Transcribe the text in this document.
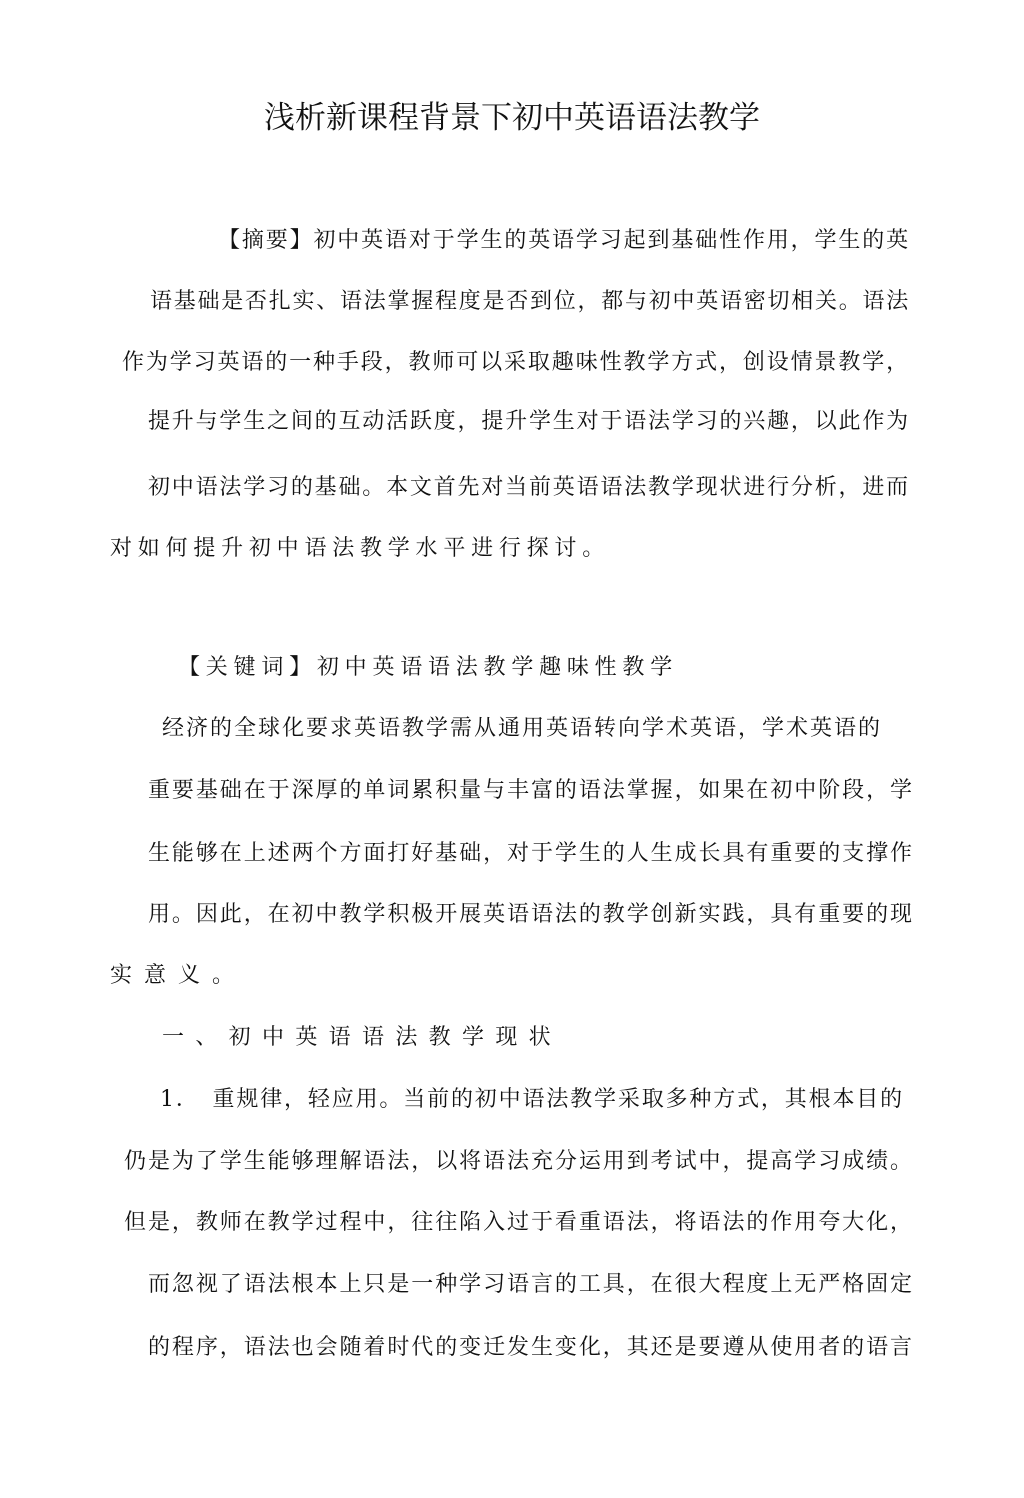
浅析新课程背景下初中英语语法教学
【摘要】初中英语对于学生的英语学习起到基础性作用，学生的英
语基础是否扎实、语法掌握程度是否到位，都与初中英语密切相关。语法
作为学习英语的一种手段，教师可以采取趣味性教学方式，创设情景教学，
提升与学生之间的互动活跃度，提升学生对于语法学习的兴趣，以此作为
初中语法学习的基础。本文首先对当前英语语法教学现状进行分析，进而
对如何提升初中语法教学水平进行探讨。
【关键词】初中英语语法教学趣味性教学
经济的全球化要求英语教学需从通用英语转向学术英语，学术英语的
重要基础在于深厚的单词累积量与丰富的语法掌握，如果在初中阶段，学
生能够在上述两个方面打好基础，对于学生的人生成长具有重要的支撑作
用。因此，在初中教学积极开展英语语法的教学创新实践，具有重要的现
实意义。
一、初中英语语法教学现状
1．　重规律，轻应用。当前的初中语法教学采取多种方式，其根本目的
仍是为了学生能够理解语法，以将语法充分运用到考试中，提高学习成绩。
但是，教师在教学过程中，往往陷入过于看重语法，将语法的作用夸大化，
而忽视了语法根本上只是一种学习语言的工具，在很大程度上无严格固定
的程序，语法也会随着时代的变迁发生变化，其还是要遵从使用者的语言
